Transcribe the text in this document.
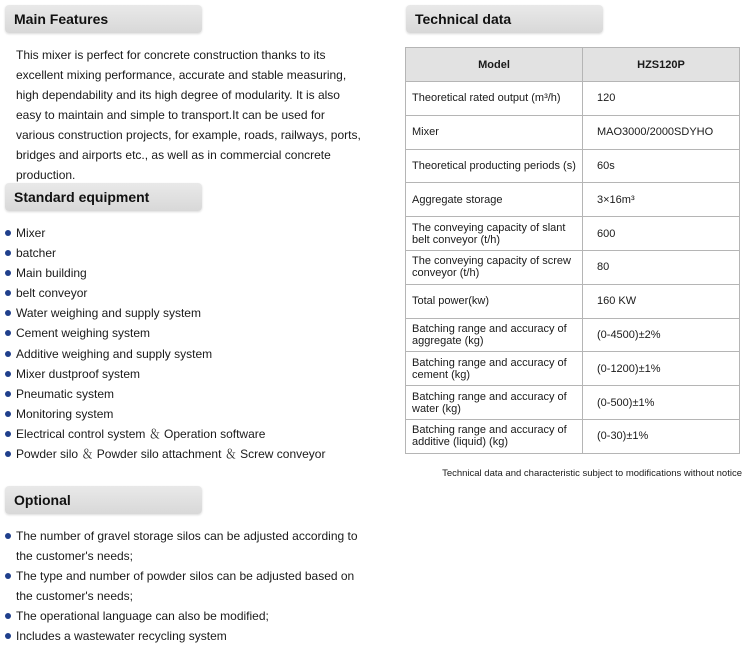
Main Features

This mixer is perfect for concrete construction thanks to its excellent mixing performance, accurate and stable measuring, high dependability and its high degree of modularity. It is also easy to maintain and simple to transport.It can be used for various construction projects, for example, roads, railways, ports, bridges and airports etc., as well as in commercial concrete production.

Standard equipment
Mixer
batcher
Main building
belt conveyor
Water weighing and supply system
Cement weighing system
Additive weighing and supply system
Mixer dustproof system
Pneumatic system
Monitoring system
Electrical control system ＆ Operation software
Powder silo ＆ Powder silo attachment ＆ Screw conveyor
Optional
The number of gravel storage silos can be adjusted according to the customer's needs;
The type and number of powder silos can be adjusted based on the customer's needs;
The operational language can also be modified;
Includes a wastewater recycling system
Technical data
Model	HZS120P
Theoretical rated output (m³/h)	120
Mixer	MAO3000/2000SDYHO
Theoretical producting periods (s)	60s
Aggregate storage	3×16m³
The conveying capacity of slant belt conveyor (t/h)	600
The conveying capacity of screw conveyor (t/h)	80
Total power(kw)	160 KW
Batching range and accuracy of aggregate (kg)	(0-4500)±2%
Batching range and accuracy of cement (kg)	(0-1200)±1%
Batching range and accuracy of water (kg)	(0-500)±1%
Batching range and accuracy of additive (liquid) (kg)	(0-30)±1%
Technical data and characteristic subject to modifications without notice
